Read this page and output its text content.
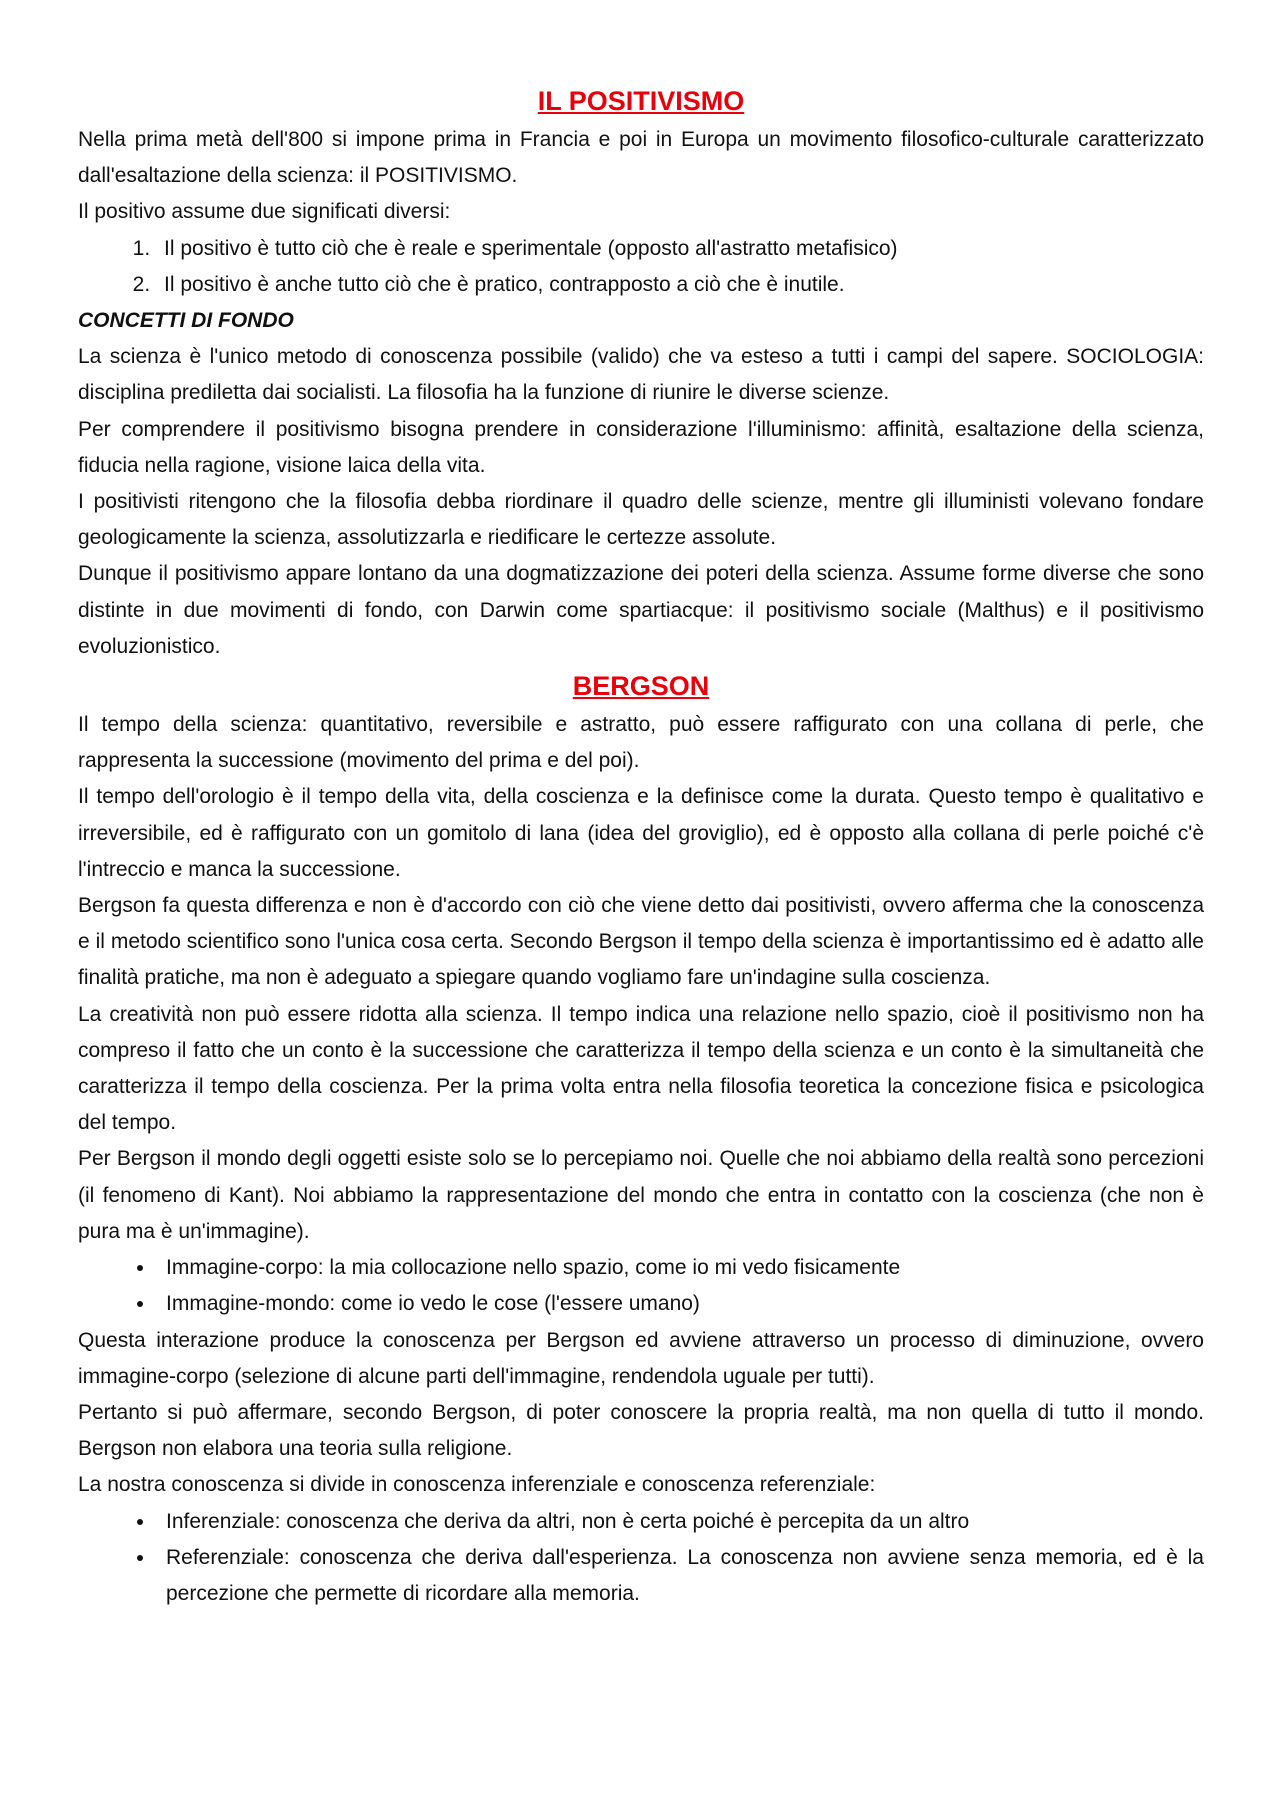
IL POSITIVISMO

Nella prima metà dell'800 si impone prima in Francia e poi in Europa un movimento filosofico-culturale caratterizzato dall'esaltazione della scienza: il POSITIVISMO.

Il positivo assume due significati diversi:

1. Il positivo è tutto ciò che è reale e sperimentale (opposto all'astratto metafisico)
2. Il positivo è anche tutto ciò che è pratico, contrapposto a ciò che è inutile.

CONCETTI DI FONDO

La scienza è l'unico metodo di conoscenza possibile (valido) che va esteso a tutti i campi del sapere. SOCIOLOGIA: disciplina prediletta dai socialisti. La filosofia ha la funzione di riunire le diverse scienze.

Per comprendere il positivismo bisogna prendere in considerazione l'illuminismo: affinità, esaltazione della scienza, fiducia nella ragione, visione laica della vita.

I positivisti ritengono che la filosofia debba riordinare il quadro delle scienze, mentre gli illuministi volevano fondare geologicamente la scienza, assolutizzarla e riedificare le certezze assolute.

Dunque il positivismo appare lontano da una dogmatizzazione dei poteri della scienza. Assume forme diverse che sono distinte in due movimenti di fondo, con Darwin come spartiacque: il positivismo sociale (Malthus) e il positivismo evoluzionistico.

BERGSON

Il tempo della scienza: quantitativo, reversibile e astratto, può essere raffigurato con una collana di perle, che rappresenta la successione (movimento del prima e del poi).

Il tempo dell'orologio è il tempo della vita, della coscienza e la definisce come la durata. Questo tempo è qualitativo e irreversibile, ed è raffigurato con un gomitolo di lana (idea del groviglio), ed è opposto alla collana di perle poiché c'è l'intreccio e manca la successione.

Bergson fa questa differenza e non è d'accordo con ciò che viene detto dai positivisti, ovvero afferma che la conoscenza e il metodo scientifico sono l'unica cosa certa. Secondo Bergson il tempo della scienza è importantissimo ed è adatto alle finalità pratiche, ma non è adeguato a spiegare quando vogliamo fare un'indagine sulla coscienza.

La creatività non può essere ridotta alla scienza. Il tempo indica una relazione nello spazio, cioè il positivismo non ha compreso il fatto che un conto è la successione che caratterizza il tempo della scienza e un conto è la simultaneità che caratterizza il tempo della coscienza. Per la prima volta entra nella filosofia teoretica la concezione fisica e psicologica del tempo.

Per Bergson il mondo degli oggetti esiste solo se lo percepiamo noi. Quelle che noi abbiamo della realtà sono percezioni (il fenomeno di Kant). Noi abbiamo la rappresentazione del mondo che entra in contatto con la coscienza (che non è pura ma è un'immagine).

• Immagine-corpo: la mia collocazione nello spazio, come io mi vedo fisicamente
• Immagine-mondo: come io vedo le cose (l'essere umano)

Questa interazione produce la conoscenza per Bergson ed avviene attraverso un processo di diminuzione, ovvero immagine-corpo (selezione di alcune parti dell'immagine, rendendola uguale per tutti).

Pertanto si può affermare, secondo Bergson, di poter conoscere la propria realtà, ma non quella di tutto il mondo. Bergson non elabora una teoria sulla religione.

La nostra conoscenza si divide in conoscenza inferenziale e conoscenza referenziale:

• Inferenziale: conoscenza che deriva da altri, non è certa poiché è percepita da un altro
• Referenziale: conoscenza che deriva dall'esperienza. La conoscenza non avviene senza memoria, ed è la percezione che permette di ricordare alla memoria.
